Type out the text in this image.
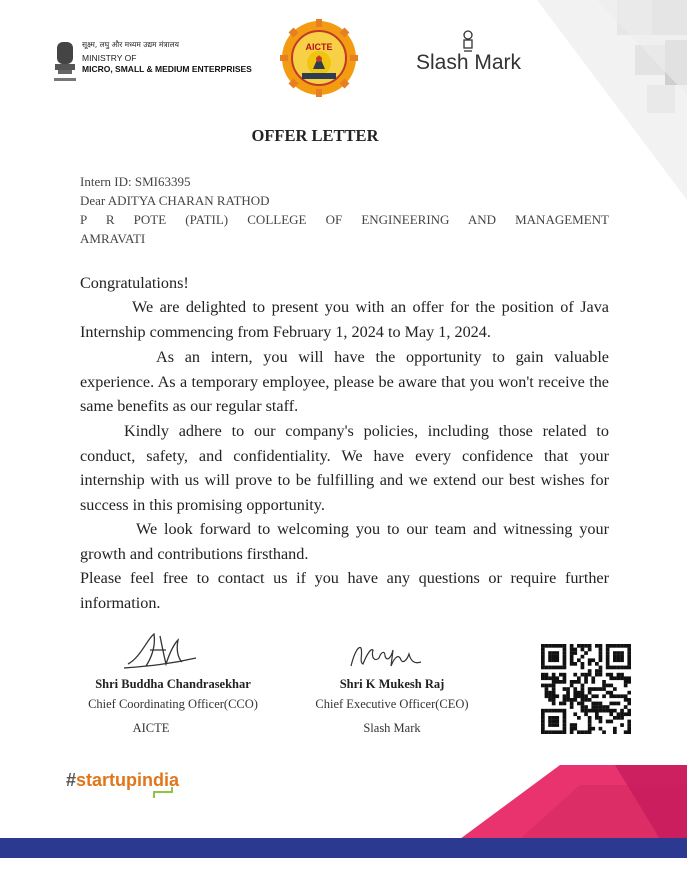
सूक्ष्म, लघु और मध्यम उद्यम मंत्रालय
MINISTRY OF
MICRO, SMALL & MEDIUM ENTERPRISES
AICTE
Slash Mark
OFFER LETTER
Intern ID: SMI63395
Dear ADITYA CHARAN RATHOD
P R POTE (PATIL) COLLEGE OF ENGINEERING AND MANAGEMENT
AMRAVATI
Congratulations!
We are delighted to present you with an offer for the position of Java Internship commencing from February 1, 2024 to May 1, 2024.
As an intern, you will have the opportunity to gain valuable experience. As a temporary employee, please be aware that you won't receive the same benefits as our regular staff.
Kindly adhere to our company's policies, including those related to conduct, safety, and confidentiality. We have every confidence that your internship with us will prove to be fulfilling and we extend our best wishes for success in this promising opportunity.
We look forward to welcoming you to our team and witnessing your growth and contributions firsthand.
Please feel free to contact us if you have any questions or require further information.
Shri Buddha Chandrasekhar
Chief Coordinating Officer(CCO)
AICTE
Shri K Mukesh Raj
Chief Executive Officer(CEO)
Slash Mark
#startupindia
